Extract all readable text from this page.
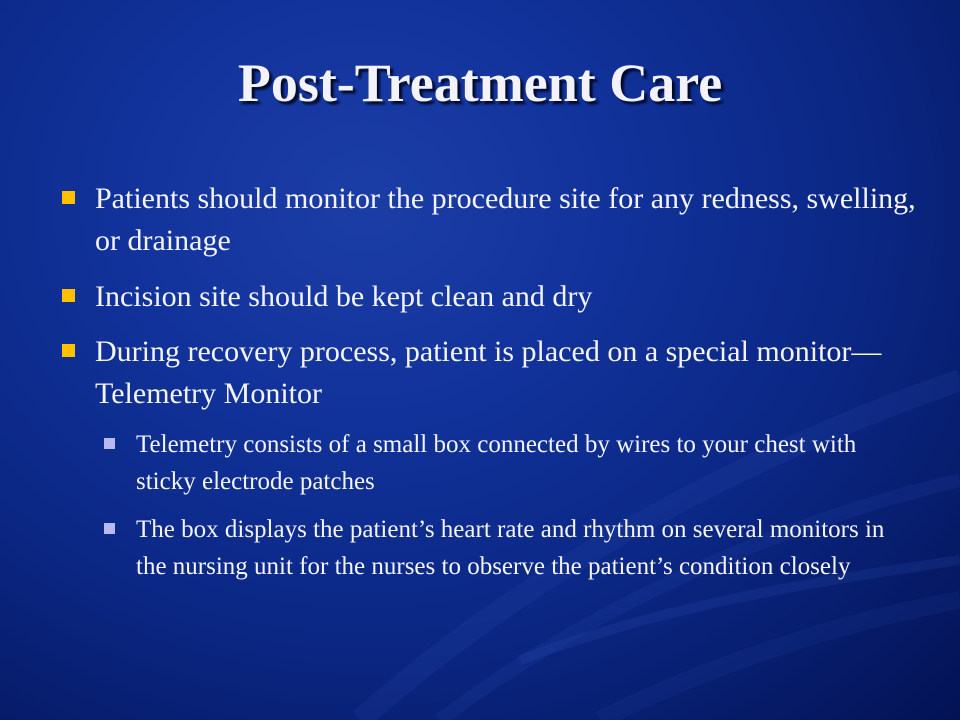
Post-Treatment Care
Patients should monitor the procedure site for any redness, swelling, or drainage
Incision site should be kept clean and dry
During recovery process, patient is placed on a special monitor—Telemetry Monitor
Telemetry consists of a small box connected by wires to your chest with sticky electrode patches
The box displays the patient’s heart rate and rhythm on several monitors in the nursing unit for the nurses to observe the patient’s condition closely
